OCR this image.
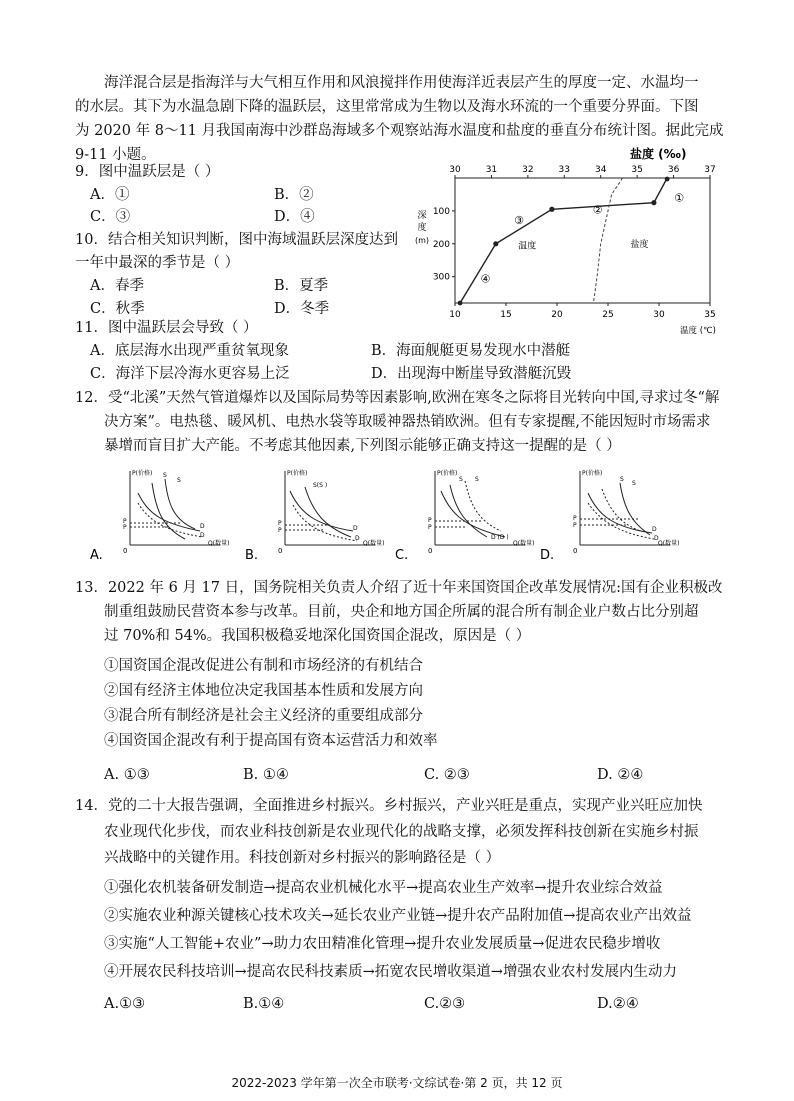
海洋混合层是指海洋与大气相互作用和风浪搅拌作用使海洋近表层产生的厚度一定、水温均一
的水层。其下为水温急剧下降的温跃层，这里常常成为生物以及海水环流的一个重要分界面。下图
为 2020 年 8～11 月我国南海中沙群岛海域多个观察站海水温度和盐度的垂直分布统计图。据此完成
9-11 小题。
9．图中温跃层是（ ）
A．①	B．②
C．③	D．④
10．结合相关知识判断，图中海域温跃层深度达到
一年中最深的季节是（ ）
A．春季	B．夏季
C．秋季	D．冬季
11．图中温跃层会导致（ ）
A．底层海水出现严重贫氧现象	B．海面舰艇更易发现水中潜艇
C．海洋下层冷海水更容易上泛	D．出现海中断崖导致潜艇沉毁
30	31	32	33	34	35	36	37
10	15	20	25	30	35
100
200
300
盐度 (‰)
温度 (℃)
深
度
(m)
①
②
③
④
温度	盐度
12．受“北溪”天然气管道爆炸以及国际局势等因素影响,欧洲在寒冬之际将目光转向中国,寻求过冬“解
决方案”。电热毯、暖风机、电热水袋等取暖神器热销欧洲。但有专家提醒,不能因短时市场需求
暴增而盲目扩大产能。不考虑其他因素,下列图示能够正确支持这一提醒的是（ ）
P(价格)
Q(数量)
0
A.
S
S
P
P	D
D
P(价格)
Q(数量)
0
B.
S(S )
P
P	D
D
P(价格)
Q(数量)
0
C.
S S
P
P
D (D )
P(价格)
Q(数量)
0
D.
S
S
P
P
D
D
13．2022 年 6 月 17 日，国务院相关负责人介绍了近十年来国资国企改革发展情况:国有企业积极改
制重组鼓励民营资本参与改革。目前，央企和地方国企所属的混合所有制企业户数占比分别超
过 70%和 54%。我国积极稳妥地深化国资国企混改，原因是（ ）
①国资国企混改促进公有制和市场经济的有机结合
②国有经济主体地位决定我国基本性质和发展方向
③混合所有制经济是社会主义经济的重要组成部分
④国资国企混改有利于提高国有资本运营活力和效率
A. ①③	B. ①④	C. ②③	D. ②④
14．党的二十大报告强调，全面推进乡村振兴。乡村振兴，产业兴旺是重点，实现产业兴旺应加快
农业现代化步伐，而农业科技创新是农业现代化的战略支撑，必须发挥科技创新在实施乡村振
兴战略中的关键作用。科技创新对乡村振兴的影响路径是（ ）
①强化农机装备研发制造→提高农业机械化水平→提高农业生产效率→提升农业综合效益
②实施农业种源关键核心技术攻关→延长农业产业链→提升农产品附加值→提高农业产出效益
③实施“人工智能+农业”→助力农田精准化管理→提升农业发展质量→促进农民稳步增收
④开展农民科技培训→提高农民科技素质→拓宽农民增收渠道→增强农业农村发展内生动力
A.①③	B.①④	C.②③	D.②④
2022-2023 学年第一次全市联考·文综试卷·第 2 页，共 12 页
